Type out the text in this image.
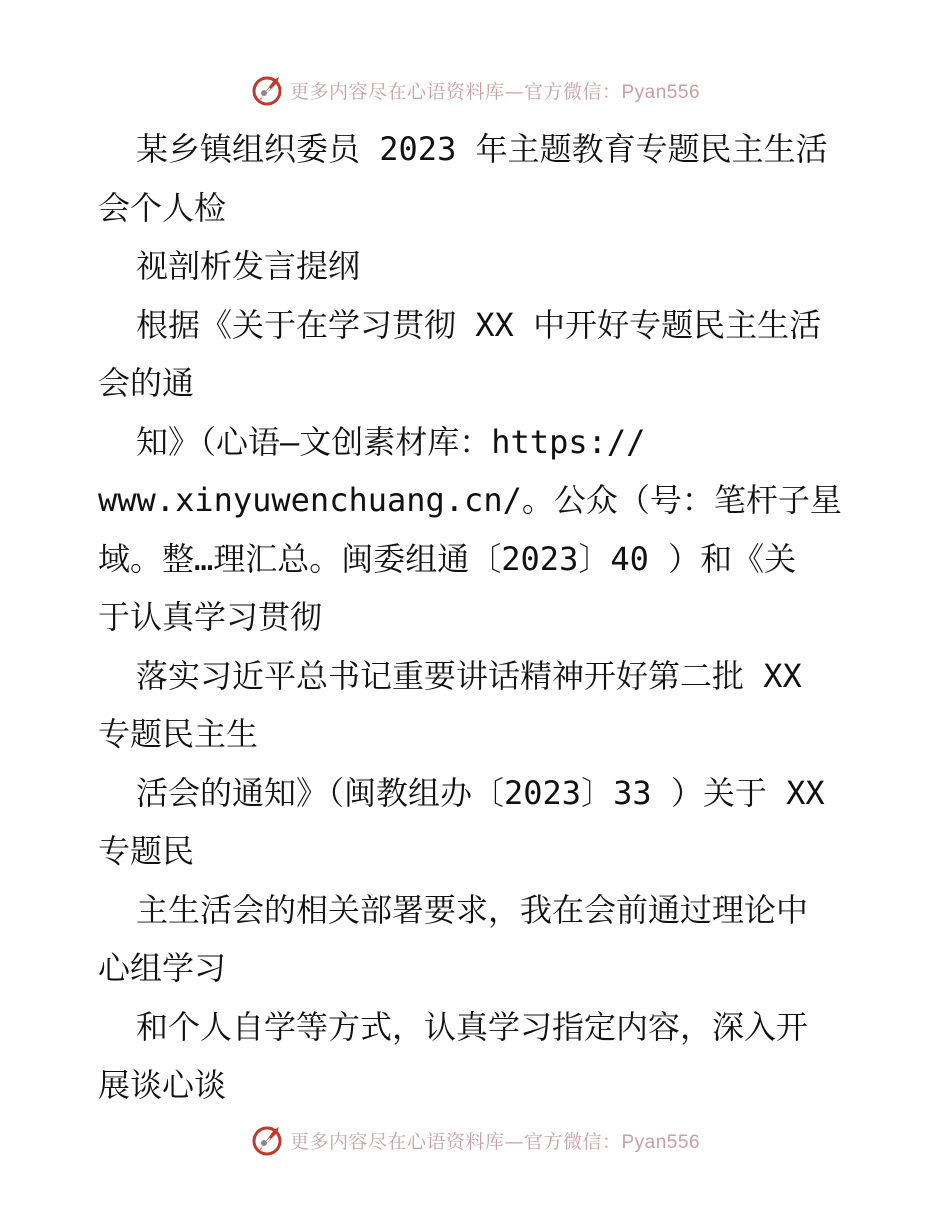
更多内容尽在心语资料库—官方微信：Pyan556
某乡镇组织委员 2023 年主题教育专题民主生活
会个人检
视剖析发言提纲
根据《关于在学习贯彻 XX 中开好专题民主生活
会的通
知》（心语—文创素材库：https://
www.xinyuwenchuang.cn/。公众（号：笔杆子星
域。整…理汇总。闽委组通〔2023〕40 ）和《关
于认真学习贯彻
落实习近平总书记重要讲话精神开好第二批 XX
专题民主生
活会的通知》（闽教组办〔2023〕33 ）关于 XX
专题民
主生活会的相关部署要求，我在会前通过理论中
心组学习
和个人自学等方式，认真学习指定内容，深入开
展谈心谈
更多内容尽在心语资料库—官方微信：Pyan556
